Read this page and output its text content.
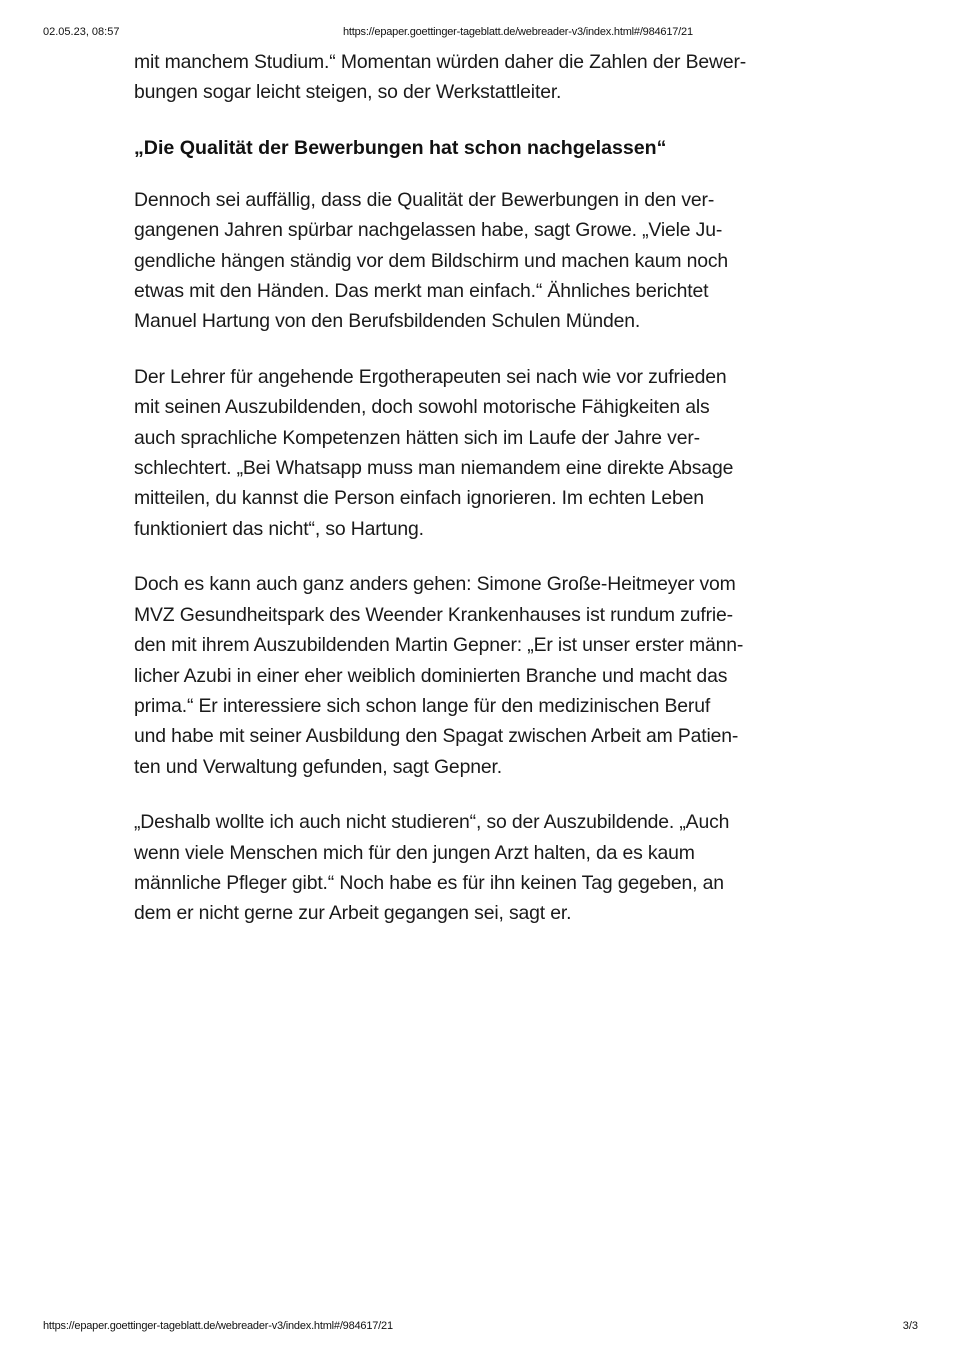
02.05.23, 08:57	https://epaper.goettinger-tageblatt.de/webreader-v3/index.html#/984617/21

mit manchem Studium.“ Momentan würden daher die Zahlen der Bewer-
bungen sogar leicht steigen, so der Werkstattleiter.

„Die Qualität der Bewerbungen hat schon nachgelassen“

Dennoch sei auffällig, dass die Qualität der Bewerbungen in den ver-
gangenen Jahren spürbar nachgelassen habe, sagt Growe. „Viele Ju-
gendliche hängen ständig vor dem Bildschirm und machen kaum noch
etwas mit den Händen. Das merkt man einfach.“ Ähnliches berichtet
Manuel Hartung von den Berufsbildenden Schulen Münden.

Der Lehrer für angehende Ergotherapeuten sei nach wie vor zufrieden
mit seinen Auszubildenden, doch sowohl motorische Fähigkeiten als
auch sprachliche Kompetenzen hätten sich im Laufe der Jahre ver-
schlechtert. „Bei Whatsapp muss man niemandem eine direkte Absage
mitteilen, du kannst die Person einfach ignorieren. Im echten Leben
funktioniert das nicht“, so Hartung.

Doch es kann auch ganz anders gehen: Simone Große-Heitmeyer vom
MVZ Gesundheitspark des Weender Krankenhauses ist rundum zufrie-
den mit ihrem Auszubildenden Martin Gepner: „Er ist unser erster männ-
licher Azubi in einer eher weiblich dominierten Branche und macht das
prima.“ Er interessiere sich schon lange für den medizinischen Beruf
und habe mit seiner Ausbildung den Spagat zwischen Arbeit am Patien-
ten und Verwaltung gefunden, sagt Gepner.

„Deshalb wollte ich auch nicht studieren“, so der Auszubildende. „Auch
wenn viele Menschen mich für den jungen Arzt halten, da es kaum
männliche Pfleger gibt.“ Noch habe es für ihn keinen Tag gegeben, an
dem er nicht gerne zur Arbeit gegangen sei, sagt er.

https://epaper.goettinger-tageblatt.de/webreader-v3/index.html#/984617/21	3/3
